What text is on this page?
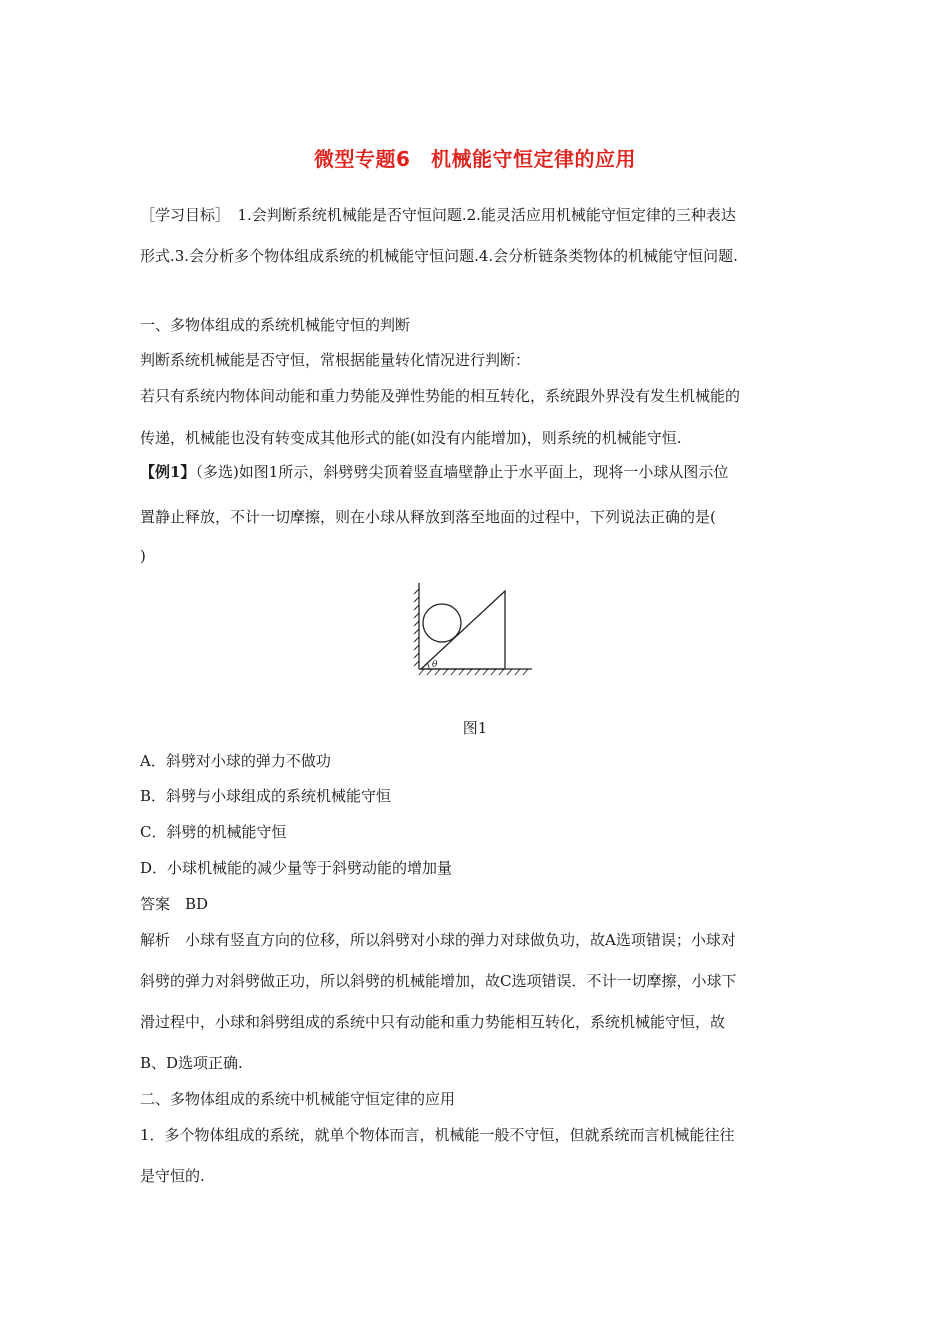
微型专题6　机械能守恒定律的应用
［学习目标］　1.会判断系统机械能是否守恒问题.2.能灵活应用机械能守恒定律的三种表达
形式.3.会分析多个物体组成系统的机械能守恒问题.4.会分析链条类物体的机械能守恒问题.
一、多物体组成的系统机械能守恒的判断
判断系统机械能是否守恒，常根据能量转化情况进行判断：
若只有系统内物体间动能和重力势能及弹性势能的相互转化，系统跟外界没有发生机械能的
传递，机械能也没有转变成其他形式的能(如没有内能增加)，则系统的机械能守恒.
【例1】（多选)如图1所示，斜劈劈尖顶着竖直墙壁静止于水平面上，现将一小球从图示位
置静止释放，不计一切摩擦，则在小球从释放到落至地面的过程中，下列说法正确的是(
)
θ
图1
A．斜劈对小球的弹力不做功
B．斜劈与小球组成的系统机械能守恒
C．斜劈的机械能守恒
D．小球机械能的减少量等于斜劈动能的增加量
答案　BD
解析　小球有竖直方向的位移，所以斜劈对小球的弹力对球做负功，故A选项错误；小球对
斜劈的弹力对斜劈做正功，所以斜劈的机械能增加，故C选项错误．不计一切摩擦，小球下
滑过程中，小球和斜劈组成的系统中只有动能和重力势能相互转化，系统机械能守恒，故
B、D选项正确.
二、多物体组成的系统中机械能守恒定律的应用
1．多个物体组成的系统，就单个物体而言，机械能一般不守恒，但就系统而言机械能往往
是守恒的.
